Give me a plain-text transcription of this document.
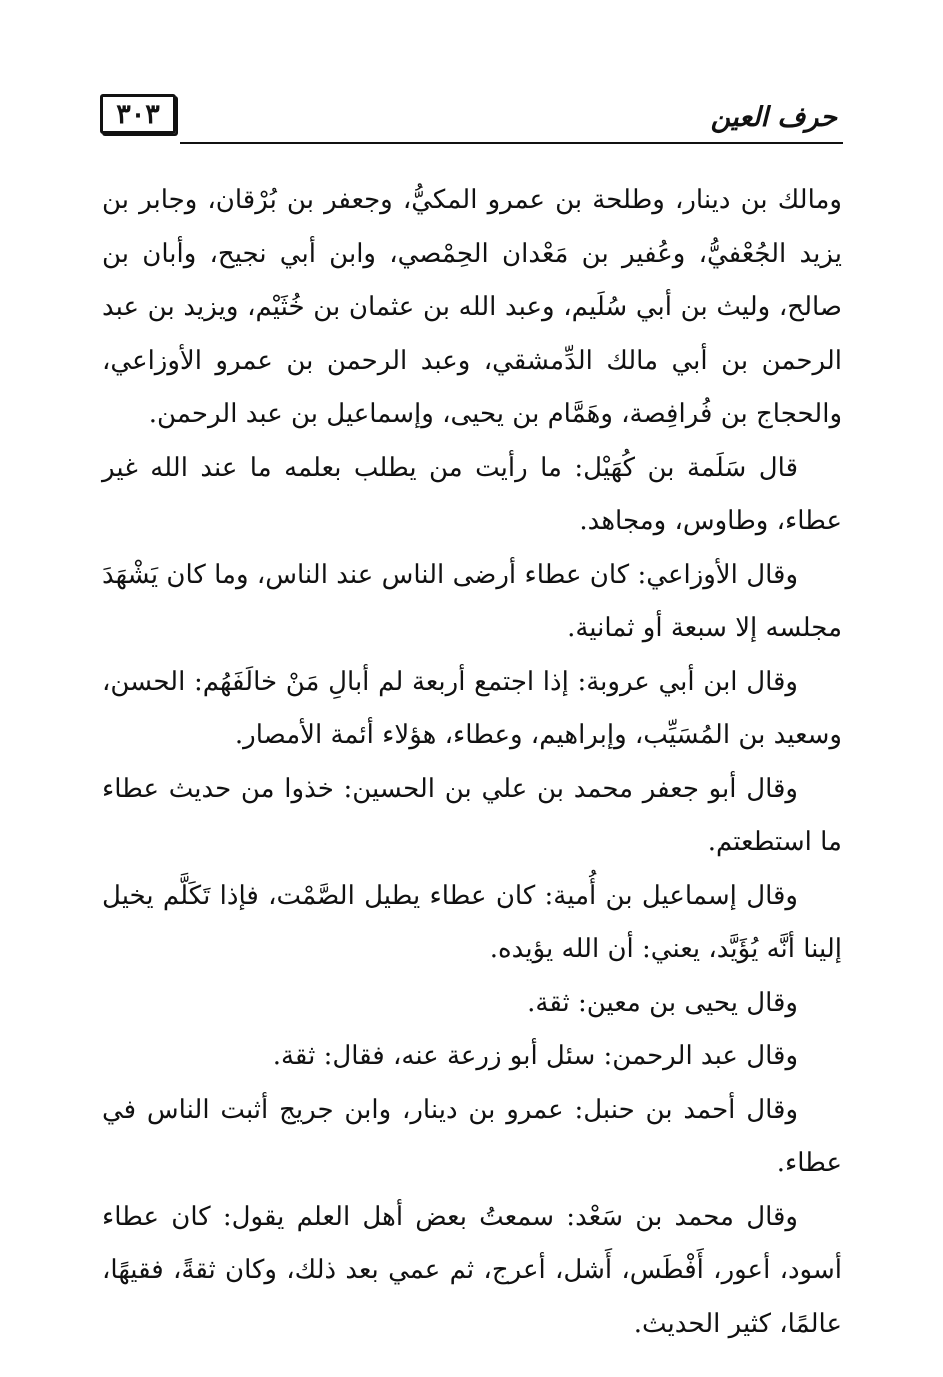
٣٠٣	حرف العين

ومالك بن دينار، وطلحة بن عمرو المكيُّ، وجعفر بن بُرْقان، وجابر بن يزيد الجُعْفيُّ، وعُفير بن مَعْدان الحِمْصي، وابن أبي نجيح، وأبان بن صالح، وليث بن أبي سُلَيم، وعبد الله بن عثمان بن خُثَيْم، ويزيد بن عبد الرحمن بن أبي مالك الدِّمشقي، وعبد الرحمن بن عمرو الأوزاعي، والحجاج بن فُرافِصة، وهَمَّام بن يحيى، وإسماعيل بن عبد الرحمن.

قال سَلَمة بن كُهَيْل: ما رأيت من يطلب بعلمه ما عند الله غير عطاء، وطاوس، ومجاهد.

وقال الأوزاعي: كان عطاء أرضى الناس عند الناس، وما كان يَشْهَدَ مجلسه إلا سبعة أو ثمانية.

وقال ابن أبي عروبة: إذا اجتمع أربعة لم أبالِ مَنْ خالَفَهُم: الحسن، وسعيد بن المُسَيِّب، وإبراهيم، وعطاء، هؤلاء أئمة الأمصار.

وقال أبو جعفر محمد بن علي بن الحسين: خذوا من حديث عطاء ما استطعتم.

وقال إسماعيل بن أُمية: كان عطاء يطيل الصَّمْت، فإذا تَكَلَّم يخيل إلينا أنَّه يُؤَيَّد، يعني: أن الله يؤيده.

وقال يحيى بن معين: ثقة.

وقال عبد الرحمن: سئل أبو زرعة عنه، فقال: ثقة.

وقال أحمد بن حنبل: عمرو بن دينار، وابن جريج أثبت الناس في عطاء.

وقال محمد بن سَعْد: سمعتُ بعض أهل العلم يقول: كان عطاء أسود، أعور، أَفْطَس، أَشل، أعرج، ثم عمي بعد ذلك، وكان ثقةً، فقيهًا، عالمًا، كثير الحديث.
